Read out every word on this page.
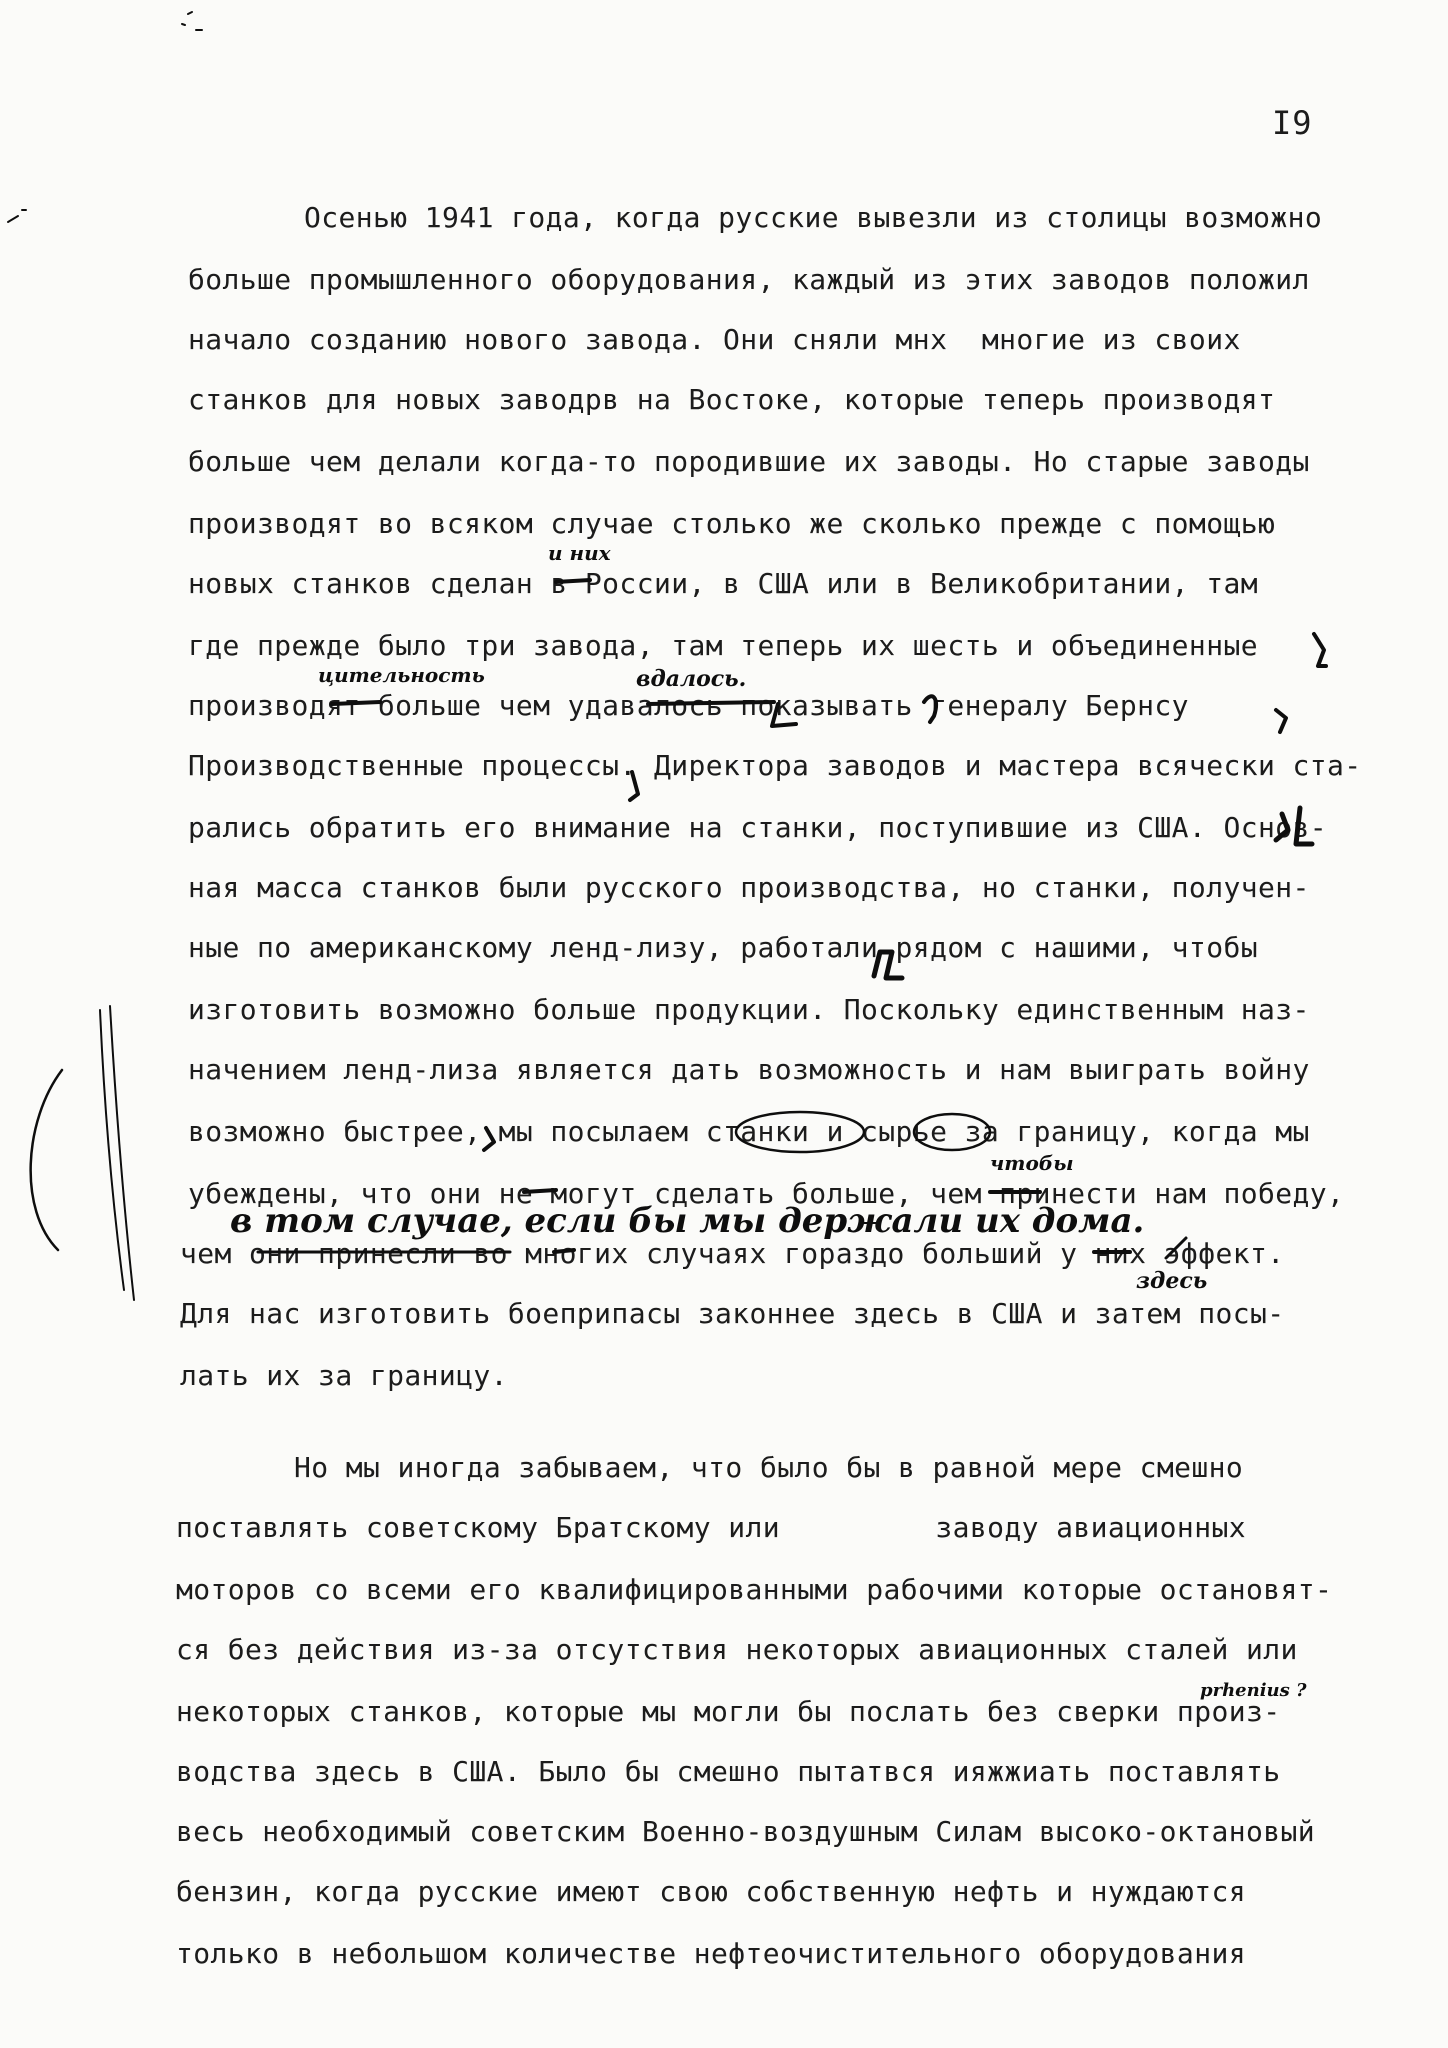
I9
Осенью 1941 года, когда русские вывезли из столицы возможно
больше промышленного оборудования, каждый из этих заводов положил
начало созданию нового завода. Они сняли мнх  многие из своих
станков для новых заводрв на Востоке, которые теперь производят
больше чем делали когда-то породившие их заводы. Но старые заводы
производят во всяком случае столько же сколько прежде с помощью
новых станков сделан в России, в США или в Великобритании, там
где прежде было три завода, там теперь их шесть и объединенные
производят больше чем удавалось показывать генералу Бернсу
Производственные процессы. Директора заводов и мастера всячески ста-
рались обратить его внимание на станки, поступившие из США. Основ-
ная масса станков были русского производства, но станки, получен-
ные по американскому ленд-лизу, работали рядом с нашими, чтобы
изготовить возможно больше продукции. Поскольку единственным наз-
начением ленд-лиза является дать возможность и нам выиграть войну
возможно быстрее, мы посылаем станки и сырье за границу, когда мы
убеждены, что они не могут сделать больше, чем принести нам победу,
чем они принесли во многих случаях гораздо больший у них эффект.
Для нас изготовить боеприпасы законнее здесь в США и затем посы-
лать их за границу.
Но мы иногда забываем, что было бы в равной мере смешно
поставлять советскому Братскому или         заводу авиационных
моторов со всеми его квалифицированными рабочими которые остановят-
ся без действия из-за отсутствия некоторых авиационных сталей или
некоторых станков, которые мы могли бы послать без сверки произ-
водства здесь в США. Было бы смешно пытатвся ияжжиать поставлять
весь необходимый советским Военно-воздушным Силам высоко-октановый
бензин, когда русские имеют свою собственную нефть и нуждаются
только в небольшом количестве нефтеочистительного оборудования
и них
цительность	вдалось.
чтобы
в том случае, если бы мы держали их дома.
здесь
prhenius ?
